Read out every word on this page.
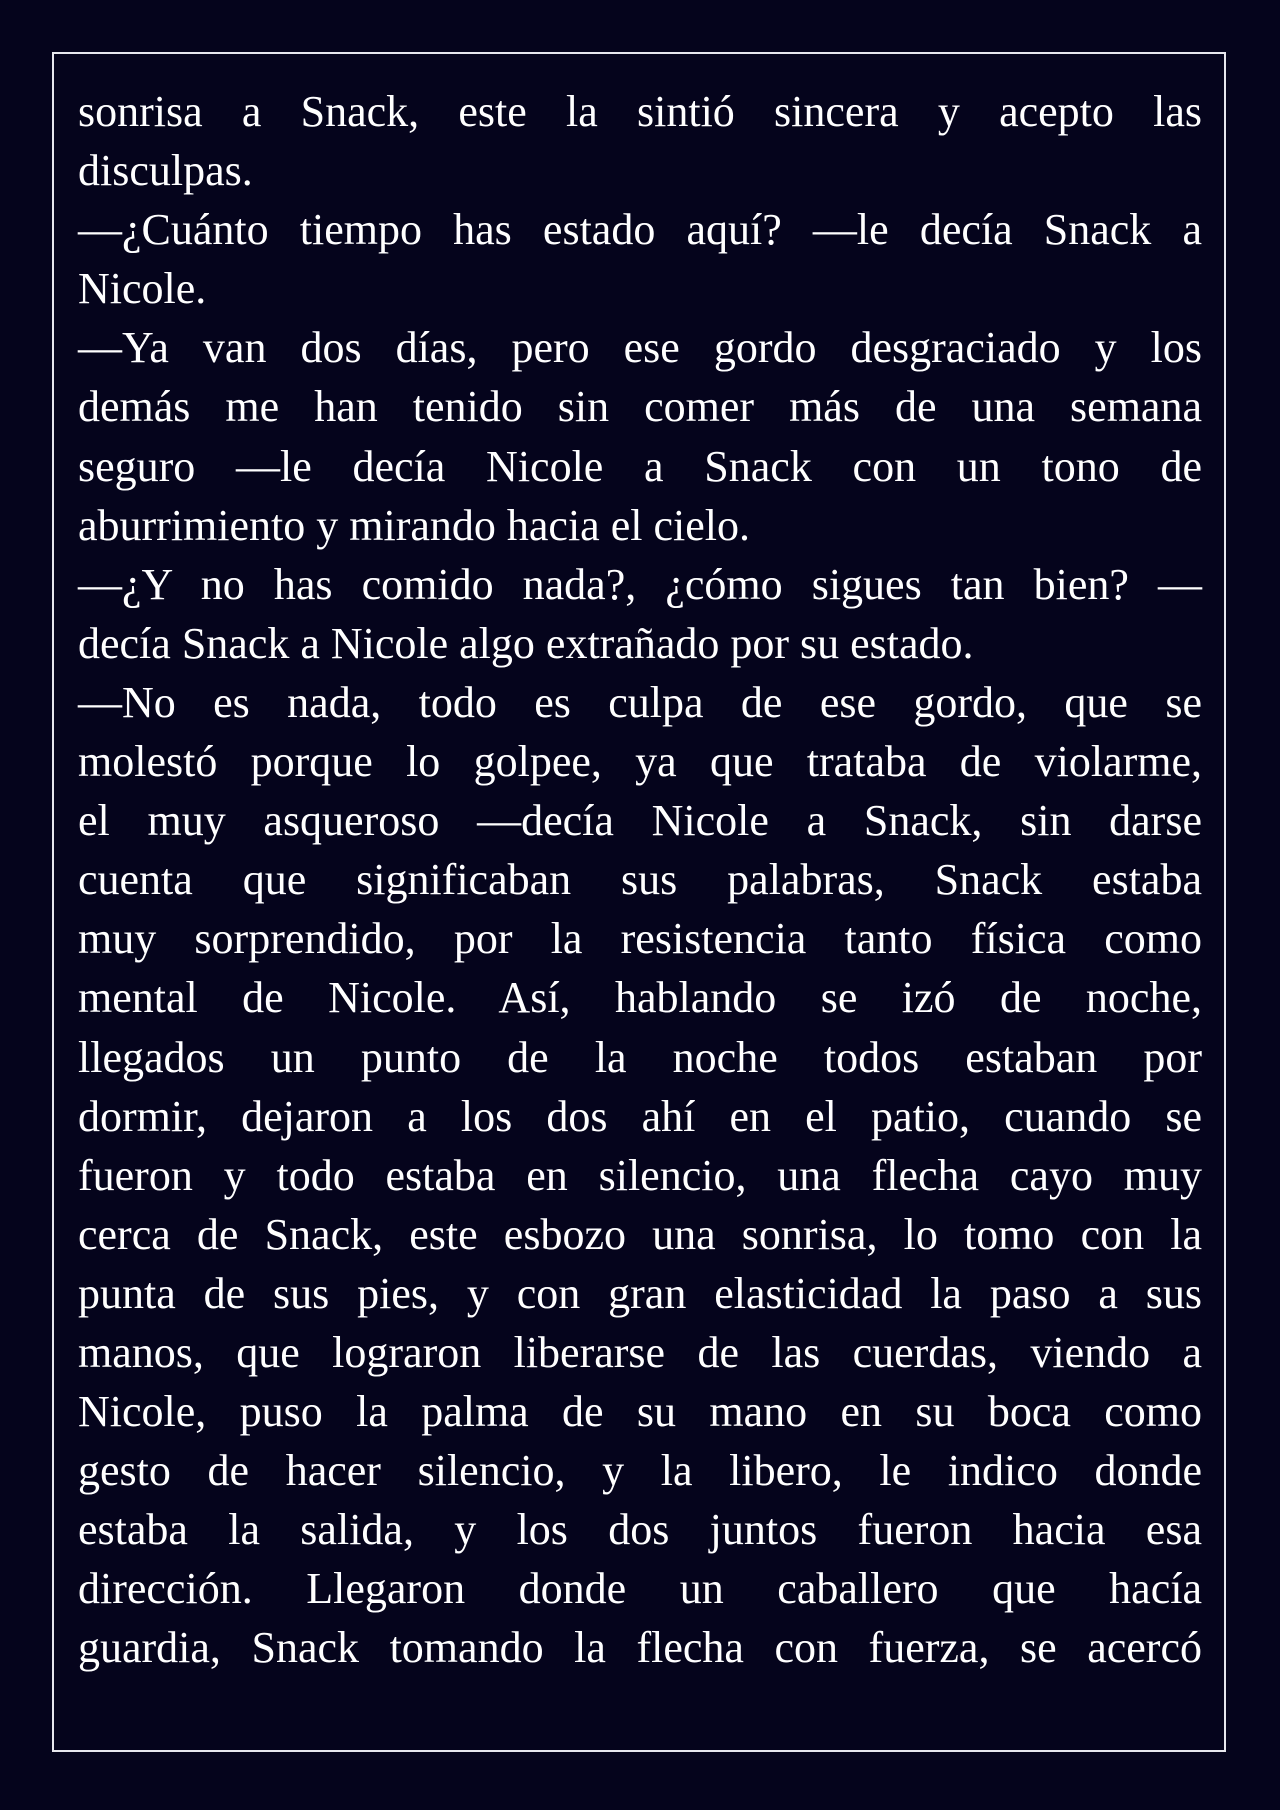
sonrisa a Snack, este la sintió sincera y acepto las
disculpas.
—¿Cuánto tiempo has estado aquí? —le decía Snack a
Nicole.
—Ya van dos días, pero ese gordo desgraciado y los
demás me han tenido sin comer más de una semana
seguro —le decía Nicole a Snack con un tono de
aburrimiento y mirando hacia el cielo.
—¿Y no has comido nada?, ¿cómo sigues tan bien? —
decía Snack a Nicole algo extrañado por su estado.
—No es nada, todo es culpa de ese gordo, que se
molestó porque lo golpee, ya que trataba de violarme,
el muy asqueroso —decía Nicole a Snack, sin darse
cuenta que significaban sus palabras, Snack estaba
muy sorprendido, por la resistencia tanto física como
mental de Nicole. Así, hablando se izó de noche,
llegados un punto de la noche todos estaban por
dormir, dejaron a los dos ahí en el patio, cuando se
fueron y todo estaba en silencio, una flecha cayo muy
cerca de Snack, este esbozo una sonrisa, lo tomo con la
punta de sus pies, y con gran elasticidad la paso a sus
manos, que lograron liberarse de las cuerdas, viendo a
Nicole, puso la palma de su mano en su boca como
gesto de hacer silencio, y la libero, le indico donde
estaba la salida, y los dos juntos fueron hacia esa
dirección. Llegaron donde un caballero que hacía
guardia, Snack tomando la flecha con fuerza, se acercó
